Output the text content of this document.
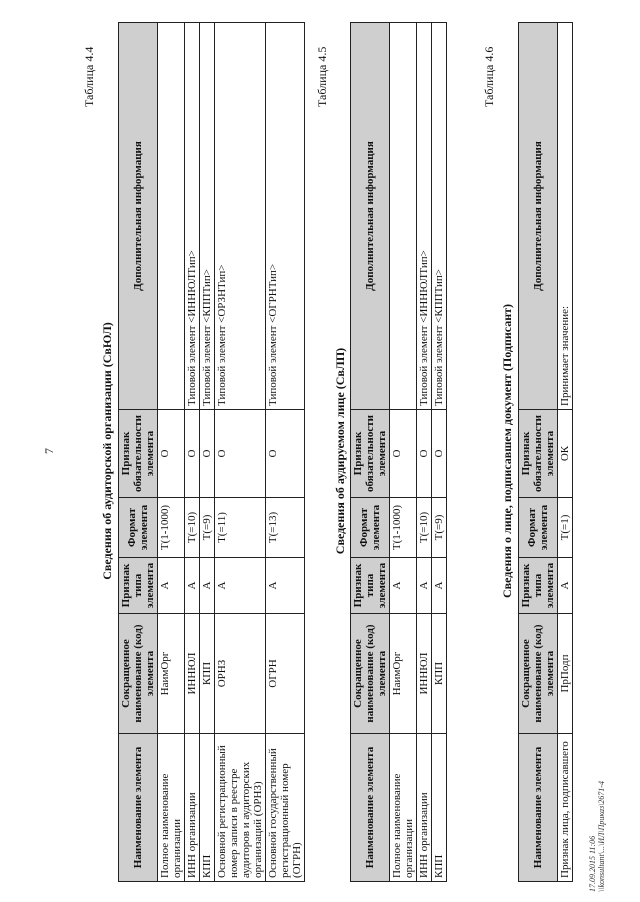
7
Таблица 4.4
Сведения об аудиторской организации (СвЮЛ)
Наименование элемента	Сокращенное наименование (код) элемента	Признак типа элемента	Формат элемента	Признак обязательности элемента	Дополнительная информация
Полное наименование организации	НаимОрг	А	T(1-1000)	О	
ИНН организации	ИННЮЛ	А	T(=10)	О	Типовой элемент <ИННЮЛТип>
КПП	КПП	А	T(=9)	О	Типовой элемент <КППТип>
Основной регистрационный номер записи в реестре аудиторов и аудиторских организаций (ОРНЗ)	ОРНЗ	А	T(=11)	О	Типовой элемент <ОРЗНТип>
Основной государственный регистрационный номер (ОГРН)	ОГРН	А	T(=13)	О	Типовой элемент <ОГРНТип>
Таблица 4.5
Сведения об аудируемом лице (СвЛП)
Наименование элемента	Сокращенное наименование (код) элемента	Признак типа элемента	Формат элемента	Признак обязательности элемента	Дополнительная информация
Полное наименование организации	НаимОрг	А	T(1-1000)	О	
ИНН организации	ИННЮЛ	А	T(=10)	О	Типовой элемент <ИННЮЛТип>
КПП	КПП	А	T(=9)	О	Типовой элемент <КППТип>
Таблица 4.6
Сведения о лице, подписавшем документ (Подписант)
Наименование элемента	Сокращенное наименование (код) элемента	Признак типа элемента	Формат элемента	Признак обязательности элемента	Дополнительная информация
Признак лица, подписавшего	ПрПодп	А	T(=1)	ОК	Принимает значение:
17.09.2015 11:06 \\konsultant\...\ИЛ\Приказ\2671-4
